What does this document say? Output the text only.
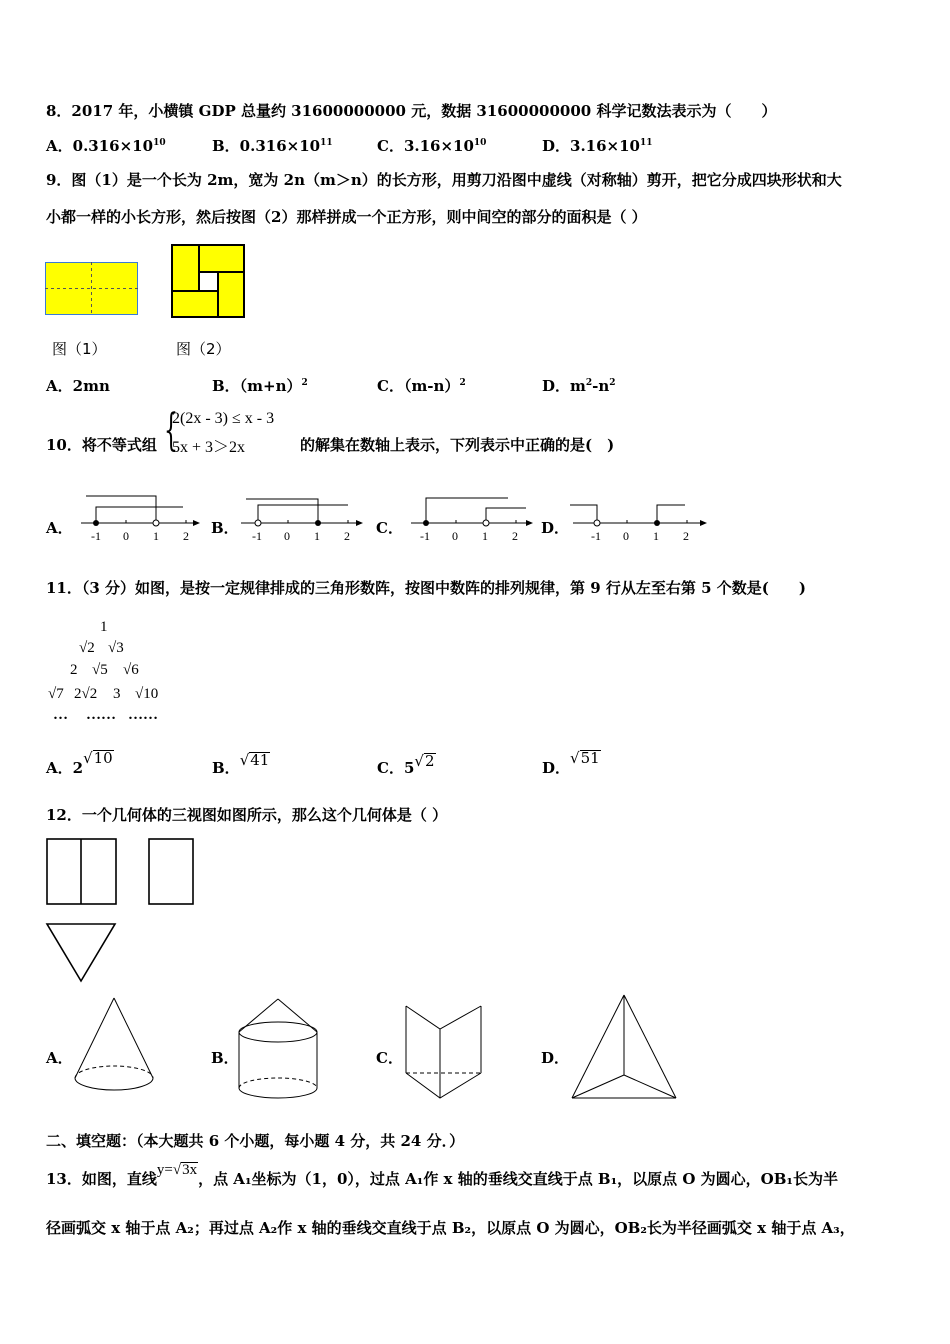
8．2017 年，小横镇 GDP 总量约 31600000000 元，数据 31600000000 科学记数法表示为（　　）
A．$0.316\times 10^{10}$	B．$0.316\times 10^{11}$	C．$3.16\times 10^{10}$	D．$3.16\times 10^{11}$
9．图（1）是一个长为 2m，宽为 2n（m＞n）的长方形，用剪刀沿图中虚线（对称轴）剪开，把它分成四块形状和大
小都一样的小长方形，然后按图（2）那样拼成一个正方形，则中间空的部分的面积是（ ）
图（1）	图（2）
A．2mn	B．$(m+n)^2$	C．$(m-n)^2$	D．$m^2-n^2$
10．将不等式组 {
2(2x - 3) ≤ x - 3
5x + 3＞2x	的解集在数轴上表示，下列表示中正确的是(　)
A． -1 0 1 2 B． -1 0 1 2 C． -1 0 1 2 D． -1 0 1 2
11．（3 分）如图，是按一定规律排成的三角形数阵，按图中数阵的排列规律，第 9 行从左至右第 5 个数是(　　)
1
√2 √3
2 √5 √6
√7 2√2 3 √10
… …… ……
A．2√10
B．√41	C．5√2	D．√51
12．一个几何体的三视图如图所示，那么这个几何体是（ ）
A．	B．	C．	D．
二、填空题：（本大题共 6 个小题，每小题 4 分，共 24 分．）
13．如图，直线y=√3x，点 A₁坐标为（1，0），过点 A₁作 x 轴的垂线交直线于点 B₁，以原点 O 为圆心，OB₁长为半
径画弧交 x 轴于点 A₂；再过点 A₂作 x 轴的垂线交直线于点 B₂，以原点 O 为圆心，OB₂长为半径画弧交 x 轴于点 A₃，
